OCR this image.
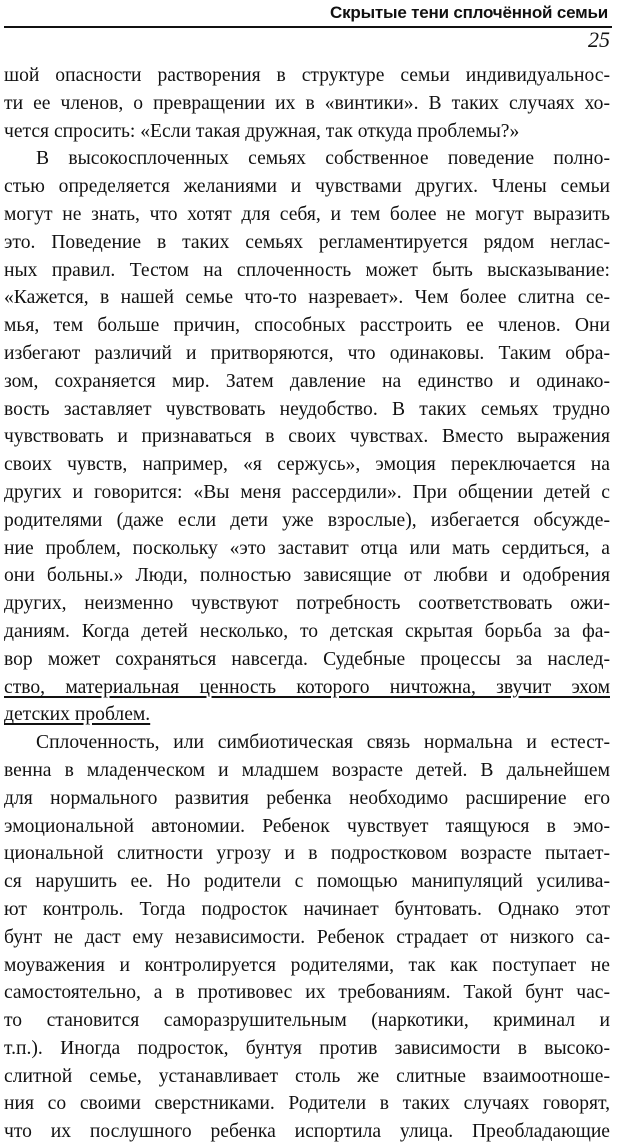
Скрытые тени сплочённой семьи
25
шой опасности растворения в структуре семьи индивидуальнос-
ти ее членов, о превращении их в «винтики». В таких случаях хо-
чется спросить: «Если такая дружная, так откуда проблемы?»
В высокосплоченных семьях собственное поведение полно-
стью определяется желаниями и чувствами других. Члены семьи
могут не знать, что хотят для себя, и тем более не могут выразить
это. Поведение в таких семьях регламентируется рядом неглас-
ных правил. Тестом на сплоченность может быть высказывание:
«Кажется, в нашей семье что-то назревает». Чем более слитна се-
мья, тем больше причин, способных расстроить ее членов. Они
избегают различий и притворяются, что одинаковы. Таким обра-
зом, сохраняется мир. Затем давление на единство и одинако-
вость заставляет чувствовать неудобство. В таких семьях трудно
чувствовать и признаваться в своих чувствах. Вместо выражения
своих чувств, например, «я сержусь», эмоция переключается на
других и говорится: «Вы меня рассердили». При общении детей с
родителями (даже если дети уже взрослые), избегается обсужде-
ние проблем, поскольку «это заставит отца или мать сердиться, а
они больны.» Люди, полностью зависящие от любви и одобрения
других, неизменно чувствуют потребность соответствовать ожи-
даниям. Когда детей несколько, то детская скрытая борьба за фа-
вор может сохраняться навсегда. Судебные процессы за наслед-
ство, материальная ценность которого ничтожна, звучит эхом
детских проблем.
Сплоченность, или симбиотическая связь нормальна и естест-
венна в младенческом и младшем возрасте детей. В дальнейшем
для нормального развития ребенка необходимо расширение его
эмоциональной автономии. Ребенок чувствует таящуюся в эмо-
циональной слитности угрозу и в подростковом возрасте пытает-
ся нарушить ее. Но родители с помощью манипуляций усилива-
ют контроль. Тогда подросток начинает бунтовать. Однако этот
бунт не даст ему независимости. Ребенок страдает от низкого са-
моуважения и контролируется родителями, так как поступает не
самостоятельно, а в противовес их требованиям. Такой бунт час-
то становится саморазрушительным (наркотики, криминал и
т.п.). Иногда подросток, бунтуя против зависимости в высоко-
слитной семье, устанавливает столь же слитные взаимоотноше-
ния со своими сверстниками. Родители в таких случаях говорят,
что их послушного ребенка испортила улица. Преобладающие
